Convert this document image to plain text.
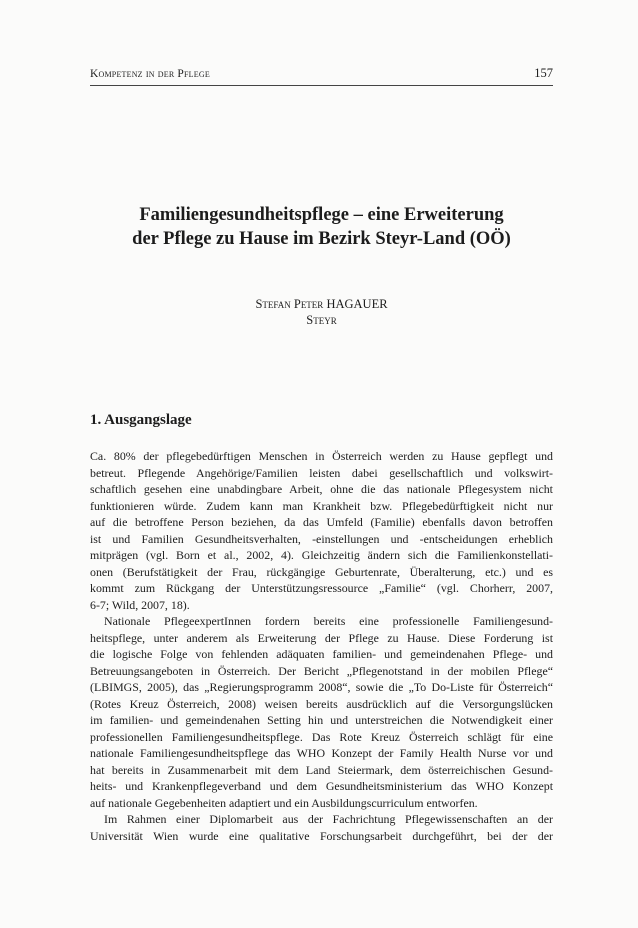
Kompetenz in der Pflege	157
Familiengesundheitspflege – eine Erweiterung
der Pflege zu Hause im Bezirk Steyr-Land (OÖ)
Stefan Peter HAGAUER
Steyr
1. Ausgangslage
Ca. 80% der pflegebedürftigen Menschen in Österreich werden zu Hause gepflegt und
betreut. Pflegende Angehörige/Familien leisten dabei gesellschaftlich und volkswirt-
schaftlich gesehen eine unabdingbare Arbeit, ohne die das nationale Pflegesystem nicht
funktionieren würde. Zudem kann man Krankheit bzw. Pflegebedürftigkeit nicht nur
auf die betroffene Person beziehen, da das Umfeld (Familie) ebenfalls davon betroffen
ist und Familien Gesundheitsverhalten, -einstellungen und -entscheidungen erheblich
mitprägen (vgl. Born et al., 2002, 4). Gleichzeitig ändern sich die Familienkonstellati-
onen (Berufstätigkeit der Frau, rückgängige Geburtenrate, Überalterung, etc.) und es
kommt zum Rückgang der Unterstützungsressource „Familie“ (vgl. Chorherr, 2007,
6-7; Wild, 2007, 18).
Nationale PflegeexpertInnen fordern bereits eine professionelle Familiengesund-
heitspflege, unter anderem als Erweiterung der Pflege zu Hause. Diese Forderung ist
die logische Folge von fehlenden adäquaten familien- und gemeindenahen Pflege- und
Betreuungsangeboten in Österreich. Der Bericht „Pflegenotstand in der mobilen Pflege“
(LBIMGS, 2005), das „Regierungsprogramm 2008“, sowie die „To Do-Liste für Österreich“
(Rotes Kreuz Österreich, 2008) weisen bereits ausdrücklich auf die Versorgungslücken
im familien- und gemeindenahen Setting hin und unterstreichen die Notwendigkeit einer
professionellen Familiengesundheitspflege. Das Rote Kreuz Österreich schlägt für eine
nationale Familiengesundheitspflege das WHO Konzept der Family Health Nurse vor und
hat bereits in Zusammenarbeit mit dem Land Steiermark, dem österreichischen Gesund-
heits- und Krankenpflegeverband und dem Gesundheitsministerium das WHO Konzept
auf nationale Gegebenheiten adaptiert und ein Ausbildungscurriculum entworfen.
Im Rahmen einer Diplomarbeit aus der Fachrichtung Pflegewissenschaften an der
Universität Wien wurde eine qualitative Forschungsarbeit durchgeführt, bei der der
